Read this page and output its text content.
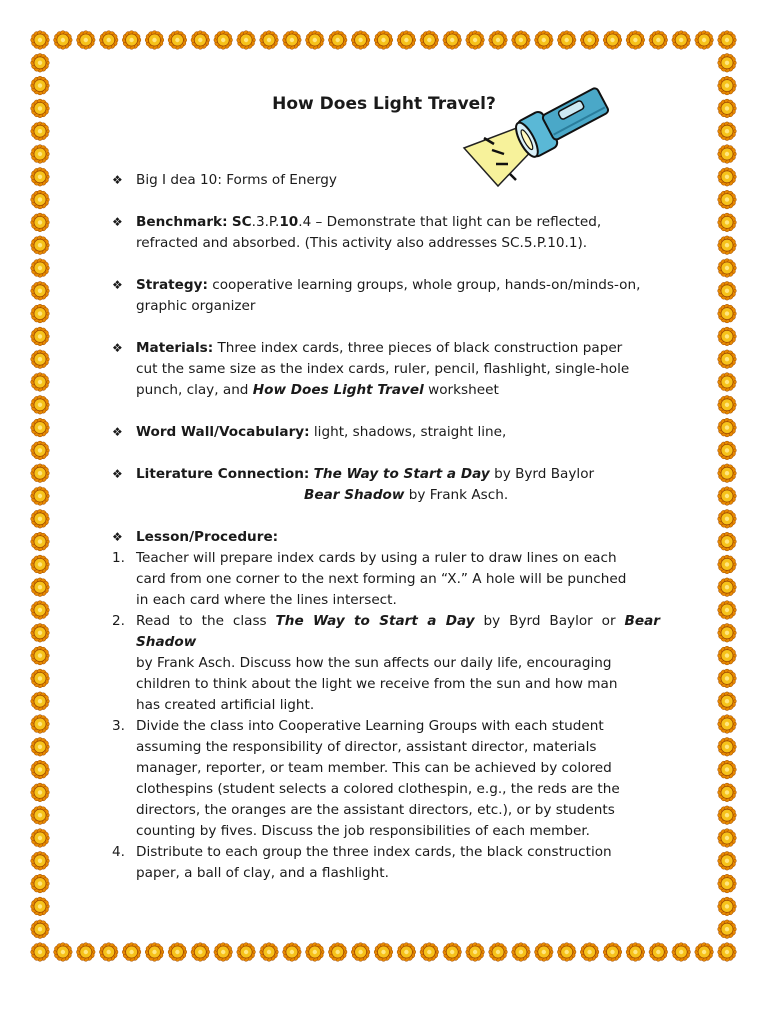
How Does Light Travel?

❖ Big I dea 10: Forms of Energy

❖ Benchmark: SC.3.P.10.4 – Demonstrate that light can be reflected,
refracted and absorbed. (This activity also addresses SC.5.P.10.1).

❖ Strategy: cooperative learning groups, whole group, hands-on/minds-on,
graphic organizer

❖ Materials: Three index cards, three pieces of black construction paper
cut the same size as the index cards, ruler, pencil, flashlight, single-hole
punch, clay, and How Does Light Travel worksheet

❖ Word Wall/Vocabulary: light, shadows, straight line,

❖ Literature Connection: The Way to Start a Day by Byrd Baylor

Bear Shadow by Frank Asch.

❖ Lesson/Procedure:

1. Teacher will prepare index cards by using a ruler to draw lines on each
card from one corner to the next forming an “X.” A hole will be punched
in each card where the lines intersect.
2. Read to the class The Way to Start a Day by Byrd Baylor or Bear Shadow
by Frank Asch. Discuss how the sun affects our daily life, encouraging
children to think about the light we receive from the sun and how man
has created artificial light.
3. Divide the class into Cooperative Learning Groups with each student
assuming the responsibility of director, assistant director, materials
manager, reporter, or team member. This can be achieved by colored
clothespins (student selects a colored clothespin, e.g., the reds are the
directors, the oranges are the assistant directors, etc.), or by students
counting by fives. Discuss the job responsibilities of each member.
4. Distribute to each group the three index cards, the black construction
paper, a ball of clay, and a flashlight.
